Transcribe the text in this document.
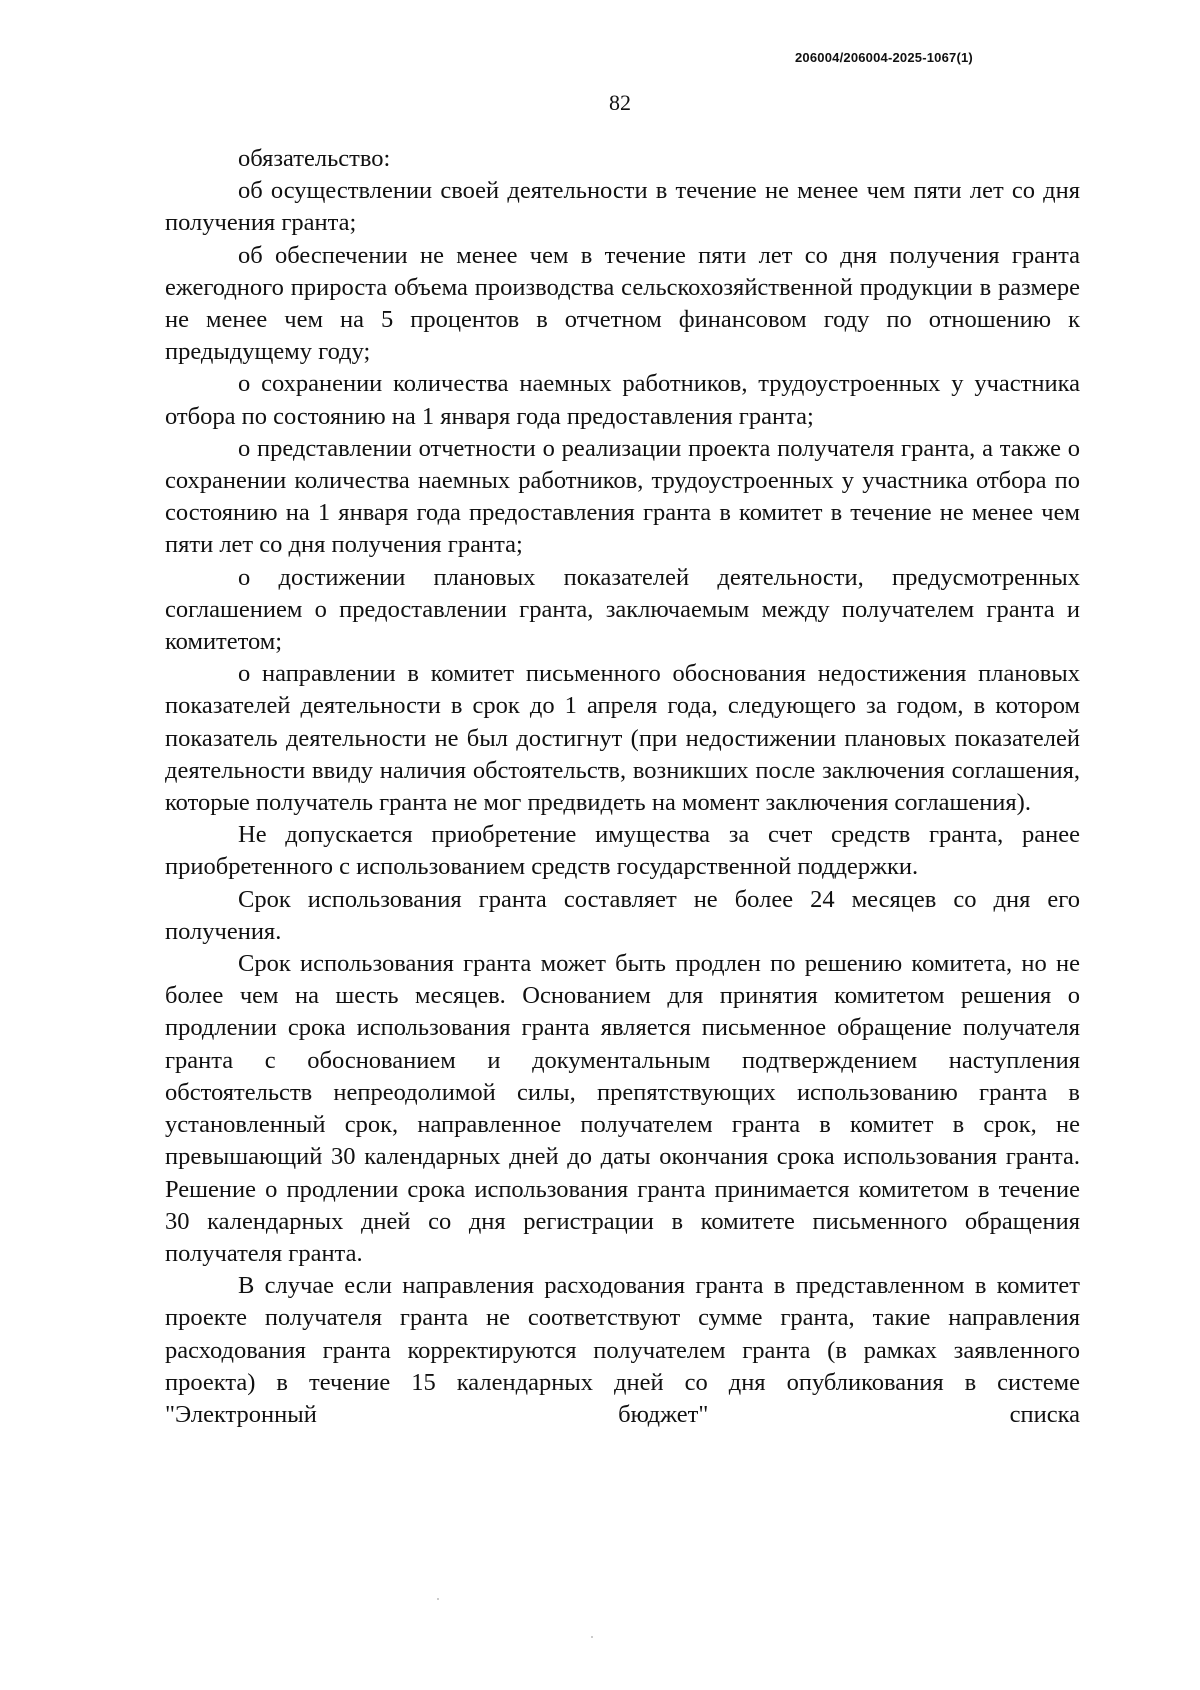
206004/206004-2025-1067(1)
82

обязательство:

об осуществлении своей деятельности в течение не менее чем пяти лет со дня получения гранта;

об обеспечении не менее чем в течение пяти лет со дня получения гранта ежегодного прироста объема производства сельскохозяйственной продукции в размере не менее чем на 5 процентов в отчетном финансовом году по отношению к предыдущему году;

о сохранении количества наемных работников, трудоустроенных у участника отбора по состоянию на 1 января года предоставления гранта;

о представлении отчетности о реализации проекта получателя гранта, а также о сохранении количества наемных работников, трудоустроенных у участника отбора по состоянию на 1 января года предоставления гранта в комитет в течение не менее чем пяти лет со дня получения гранта;

о достижении плановых показателей деятельности, предусмотренных соглашением о предоставлении гранта, заключаемым между получателем гранта и комитетом;

о направлении в комитет письменного обоснования недостижения плановых показателей деятельности в срок до 1 апреля года, следующего за годом, в котором показатель деятельности не был достигнут (при недостижении плановых показателей деятельности ввиду наличия обстоятельств, возникших после заключения соглашения, которые получатель гранта не мог предвидеть на момент заключения соглашения).

Не допускается приобретение имущества за счет средств гранта, ранее приобретенного с использованием средств государственной поддержки.

Срок использования гранта составляет не более 24 месяцев со дня его получения.

Срок использования гранта может быть продлен по решению комитета, но не более чем на шесть месяцев. Основанием для принятия комитетом решения о продлении срока использования гранта является письменное обращение получателя гранта с обоснованием и документальным подтверждением наступления обстоятельств непреодолимой силы, препятствующих использованию гранта в установленный срок, направленное получателем гранта в комитет в срок, не превышающий 30 календарных дней до даты окончания срока использования гранта. Решение о продлении срока использования гранта принимается комитетом в течение 30 календарных дней со дня регистрации в комитете письменного обращения получателя гранта.

В случае если направления расходования гранта в представленном в комитет проекте получателя гранта не соответствуют сумме гранта, такие направления расходования гранта корректируются получателем гранта (в рамках заявленного проекта) в течение 15 календарных дней со дня опубликования в системе "Электронный бюджет" списка
